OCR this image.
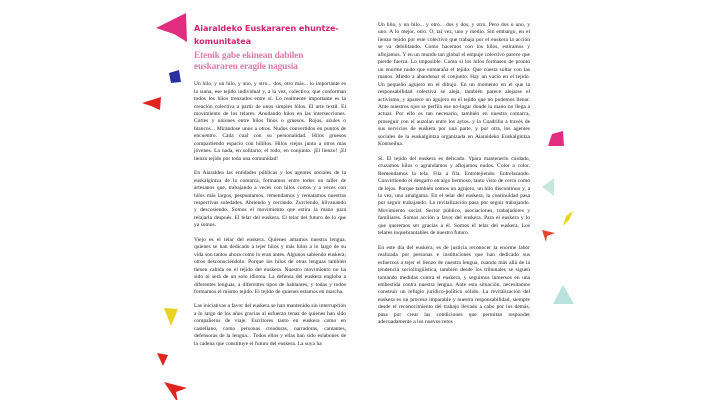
Aiaraldeko Euskararen ehuntze-komunitatea
Etenik gabe ekinean dabilen euskararen eragile nagusia

Un hilo, y un hilo, y uno, y otro... dos, otro más... lo importante es la suma, ese tejido individual y, a la vez, colectivo, que conforman todos los hilos trenzados entre sí. Lo realmente importante es la creación colectiva a partir de unos simples hilos. El arte textil. El movimiento de los telares. Anudando hilos en las intersecciones. Cortes y uniones entre hilos finos o gruesos. Rojos, azules o blancos... Mirándose unos a otros. Nudos convertidos en puntos de encuentro. Cada cual con su personalidad. Hilos gruesos compartiendo espacio con hilillos. Hilos viejos junto a otros más jóvenes. La nada, en solitario; el todo, en conjunto. ¡El lienzo! ¡El lienzo tejido por toda una comunidad!

En Aiaraldea las entidades públicas y los agentes sociales de la euskalgintza de la comarca, formamos entre todos un taller de artesanos que, trabajando a veces con hilos cortos y a veces con hilos más largos, pespuntamos, remendamos y rematamos nuestras respectivas soledades. Abriendo y cerrando. Zurciendo, hilvanando y descosiendo. Somos el movimiento que estira la mano para relajarla después. El telar del euskera. El telar del futuro de lo que ya somos.

Viejo es el telar del euskera. Quienes amamos nuestra lengua, quienes se han dedicado a tejer hilos y más hilos a lo largo de su vida son tantos ahora como lo eran antes. Algunos sabiendo euskera; otros desconociéndolo. Porque los hilos de otras lenguas también tienen cabida en el tejido del euskera. Nuestro movimiento no ha sido ni será de un solo idioma. La defensa del euskera engloba a diferentes lenguas, a diferentes tipos de hablantes, y todas y todos formamos el mismo tejido. El tejido de quienes estamos en marcha.

Las iniciativas a favor del euskera se han mantenido sin interrupción a lo largo de los años gracias al esfuerzo tenaz de quienes han sido compañeros de viaje. Escritores tanto en euskera como en castellano, como personas creadoras, narradoras, cantantes, defensoras de la lengua... Todos ellos y ellas han sido eslabones de la cadena que constituye el futuro del euskera. La suya ha

Un hilo, y un hilo... y otro... dos y dos, y otro. Pero dos o uno, y uno. A lo mejor, otro. O, tal vez, uno y medio. Sin embargo, en el lienzo tejido por este colectivo que trabaja por el euskera la acción se va debilitando. Como hacemos con los hilos, estiramos y aflojamos. Y en un mundo tan global el empuje colectivo parece que pierde fuerza. Lo imposible. Como si los hilos formasen de pronto un enorme nudo que enmaraña el tejido. Que cuesta soltar con las manos. Miedo a abandonar el conjunto. Hay un vacío en el tejido. Un pequeño agujero en el dibujo. En un momento en el que la responsabilidad colectiva se aleja, también parece alejarse el activismo, y aparece un agujero en el tejido que no podemos llenar. Ante nuestros ojos se perfila ese no-lugar donde la mano no llega a actuar. Por ello es tan necesario, también en nuestra comarca, proseguir con el auzolan entre los aytos. y la Cuadrilla a través de sus servicios de euskera por una parte, y por otra, los agentes sociales de la euskalgintza organizada en Aiaraldeko Euskalgintza Kontseilua.

Sí. El tejido del euskera es delicado. Ypara mantenerlo cuidado, cruzamos hilos o agrandamos y aflojamos nudos. Color a color. Remendamos la tela. Fila a fila. Entretejiendo. Entrelazando. Convirtiendo el desgarro en algo hermoso, tanto visto de cerca como de lejos. Porque también somos un agujero, un hilo discontinuo y, a la vez, una amalgama. En el telar del euskera, la continuidad pasa por seguir trabajando. La revitalización pasa por seguir trabajando. Movimiento social. Sector público, asociaciones, trabajadores y familiares. Somos acción a favor del euskera. Para el euskera y lo que queremos ser gracias a él. Somos el telar del euskera. Los telares inquebrantables de nuestro futuro.

En este día del euskera, es de justicia reconocer la enorme labor realizada por personas e instituciones que han dedicado sus esfuerzos a tejer el lienzo de nuestra lengua, cuando más allá de la tendencia sociolingüística, también desde los tribunales se siguen tomando medidas contra el euskera, y seguimos inmersos en una embestida contra nuestra lengua. Ante esta situación, necesitamos construir un refugio jurídico-político sólido. La revitalización del euskera es un proceso imparable y nuestra responsabilidad, siempre desde el reconocimiento del trabajo llevado a cabo por los demás, pasa por crear las condiciones que permitan responder adecuadamente a los nuevos retos
